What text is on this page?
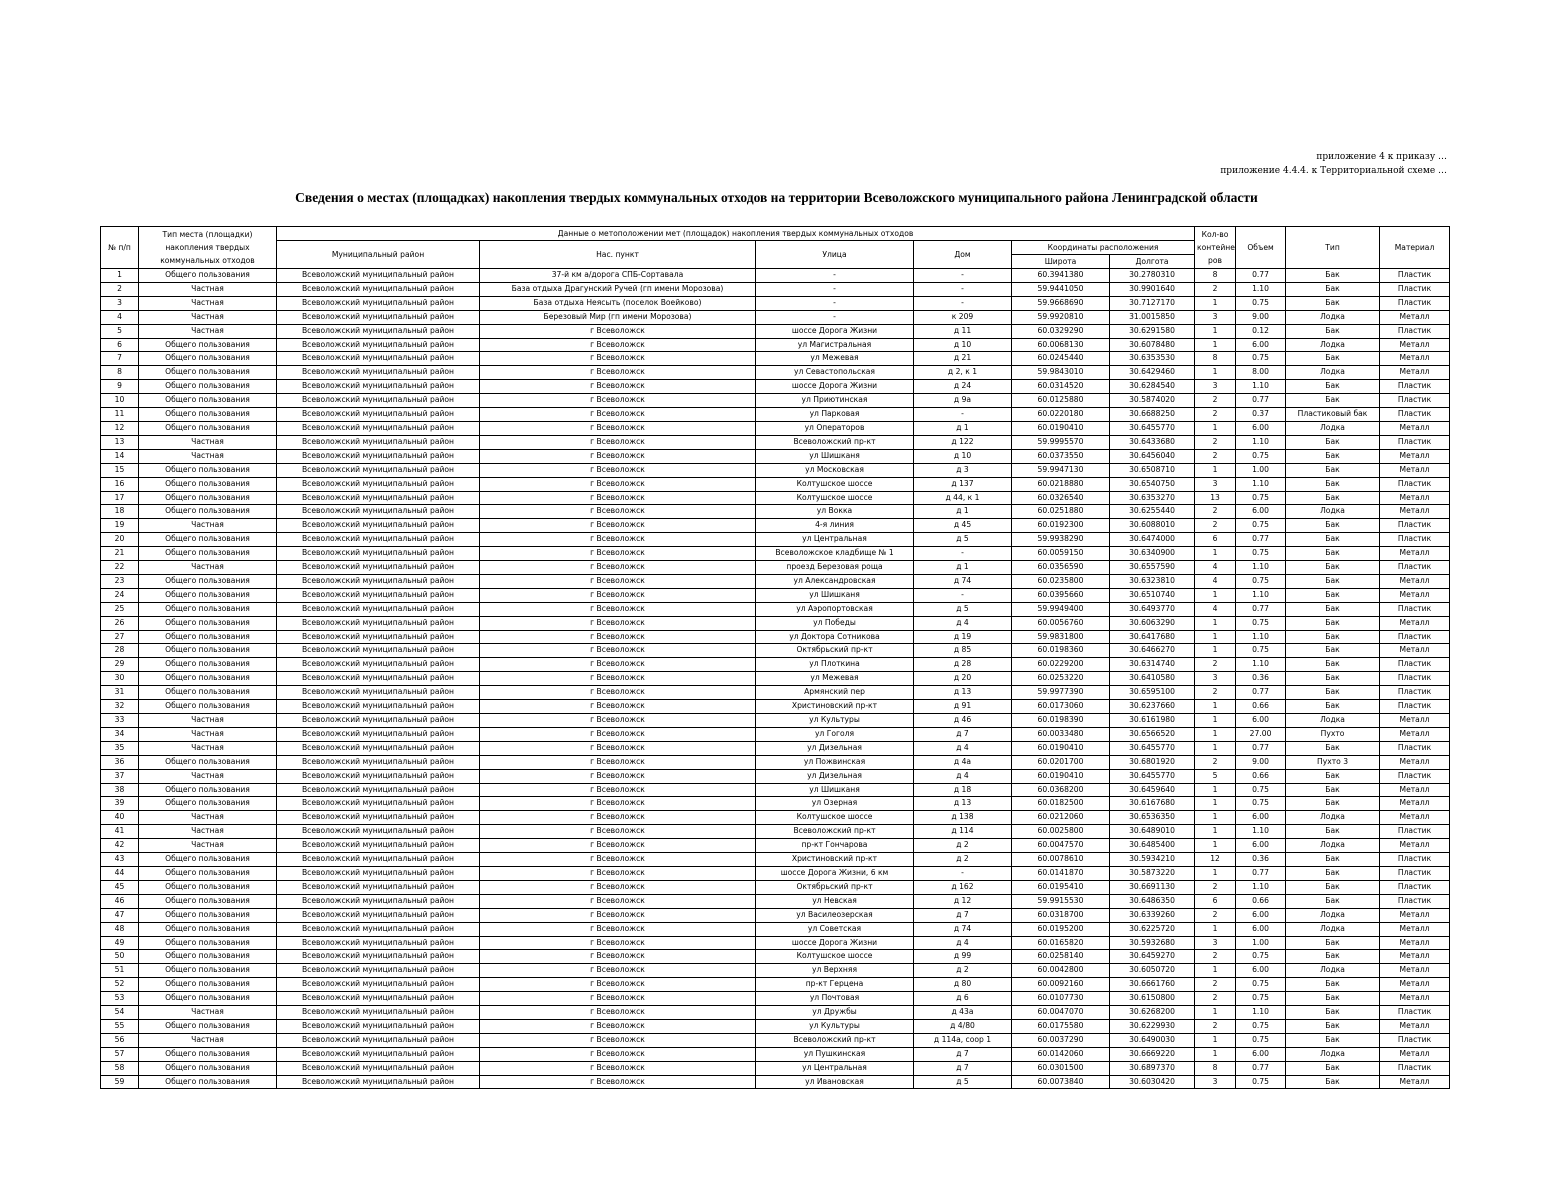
приложение 4 к приказу …
приложение 4.4.4. к Территориальной схеме …
Сведения о местах (площадках) накопления твердых коммунальных отходов на территории Всеволожского муниципального района Ленинградской области
№ п/п	Тип места (площадки) накопления твердых коммунальных отходов	Данные о метоположении мет (площадок) накопления твердых коммунальных отходов						Кол-во контейне ров	Объем	Тип	Материал
		Муниципальный район	Нас. пункт	Улица	Дом	Координаты расположения					
						Широта	Долгота				
1	Общего пользования	Всеволожский муниципальный район	37-й км а/дорога СПБ-Сортавала	-	-	60.3941380	30.2780310	8	0.77	Бак	Пластик
2	Частная	Всеволожский муниципальный район	База отдыха Драгунский Ручей (гп имени Морозова)	-	-	59.9441050	30.9901640	2	1.10	Бак	Пластик
3	Частная	Всеволожский муниципальный район	База отдыха Неясыть (поселок Воейково)	-	-	59.9668690	30.7127170	1	0.75	Бак	Пластик
4	Частная	Всеволожский муниципальный район	Березовый Мир (гп имени Морозова)	-	к 209	59.9920810	31.0015850	3	9.00	Лодка	Металл
5	Частная	Всеволожский муниципальный район	г Всеволожск	шоссе Дорога Жизни	д 11	60.0329290	30.6291580	1	0.12	Бак	Пластик
6	Общего пользования	Всеволожский муниципальный район	г Всеволожск	ул Магистральная	д 10	60.0068130	30.6078480	1	6.00	Лодка	Металл
7	Общего пользования	Всеволожский муниципальный район	г Всеволожск	ул Межевая	д 21	60.0245440	30.6353530	8	0.75	Бак	Металл
8	Общего пользования	Всеволожский муниципальный район	г Всеволожск	ул Севастопольская	д 2, к 1	59.9843010	30.6429460	1	8.00	Лодка	Металл
9	Общего пользования	Всеволожский муниципальный район	г Всеволожск	шоссе Дорога Жизни	д 24	60.0314520	30.6284540	3	1.10	Бак	Пластик
10	Общего пользования	Всеволожский муниципальный район	г Всеволожск	ул Приютинская	д 9а	60.0125880	30.5874020	2	0.77	Бак	Пластик
11	Общего пользования	Всеволожский муниципальный район	г Всеволожск	ул Парковая	-	60.0220180	30.6688250	2	0.37	Пластиковый бак	Пластик
12	Общего пользования	Всеволожский муниципальный район	г Всеволожск	ул Операторов	д 1	60.0190410	30.6455770	1	6.00	Лодка	Металл
13	Частная	Всеволожский муниципальный район	г Всеволожск	Всеволожский пр-кт	д 122	59.9995570	30.6433680	2	1.10	Бак	Пластик
14	Частная	Всеволожский муниципальный район	г Всеволожск	ул Шишканя	д 10	60.0373550	30.6456040	2	0.75	Бак	Металл
15	Общего пользования	Всеволожский муниципальный район	г Всеволожск	ул Московская	д 3	59.9947130	30.6508710	1	1.00	Бак	Металл
16	Общего пользования	Всеволожский муниципальный район	г Всеволожск	Колтушское шоссе	д 137	60.0218880	30.6540750	3	1.10	Бак	Пластик
17	Общего пользования	Всеволожский муниципальный район	г Всеволожск	Колтушское шоссе	д 44, к 1	60.0326540	30.6353270	13	0.75	Бак	Металл
18	Общего пользования	Всеволожский муниципальный район	г Всеволожск	ул Вокка	д 1	60.0251880	30.6255440	2	6.00	Лодка	Металл
19	Частная	Всеволожский муниципальный район	г Всеволожск	4-я линия	д 45	60.0192300	30.6088010	2	0.75	Бак	Пластик
20	Общего пользования	Всеволожский муниципальный район	г Всеволожск	ул Центральная	д 5	59.9938290	30.6474000	6	0.77	Бак	Пластик
21	Общего пользования	Всеволожский муниципальный район	г Всеволожск	Всеволожское кладбище № 1	-	60.0059150	30.6340900	1	0.75	Бак	Металл
22	Частная	Всеволожский муниципальный район	г Всеволожск	проезд Березовая роща	д 1	60.0356590	30.6557590	4	1.10	Бак	Пластик
23	Общего пользования	Всеволожский муниципальный район	г Всеволожск	ул Александровская	д 74	60.0235800	30.6323810	4	0.75	Бак	Металл
24	Общего пользования	Всеволожский муниципальный район	г Всеволожск	ул Шишканя	-	60.0395660	30.6510740	1	1.10	Бак	Металл
25	Общего пользования	Всеволожский муниципальный район	г Всеволожск	ул Аэропортовская	д 5	59.9949400	30.6493770	4	0.77	Бак	Пластик
26	Общего пользования	Всеволожский муниципальный район	г Всеволожск	ул Победы	д 4	60.0056760	30.6063290	1	0.75	Бак	Металл
27	Общего пользования	Всеволожский муниципальный район	г Всеволожск	ул Доктора Сотникова	д 19	59.9831800	30.6417680	1	1.10	Бак	Пластик
28	Общего пользования	Всеволожский муниципальный район	г Всеволожск	Октябрьский пр-кт	д 85	60.0198360	30.6466270	1	0.75	Бак	Металл
29	Общего пользования	Всеволожский муниципальный район	г Всеволожск	ул Плоткина	д 28	60.0229200	30.6314740	2	1.10	Бак	Пластик
30	Общего пользования	Всеволожский муниципальный район	г Всеволожск	ул Межевая	д 20	60.0253220	30.6410580	3	0.36	Бак	Пластик
31	Общего пользования	Всеволожский муниципальный район	г Всеволожск	Армянский пер	д 13	59.9977390	30.6595100	2	0.77	Бак	Пластик
32	Общего пользования	Всеволожский муниципальный район	г Всеволожск	Христиновский пр-кт	д 91	60.0173060	30.6237660	1	0.66	Бак	Пластик
33	Частная	Всеволожский муниципальный район	г Всеволожск	ул Культуры	д 46	60.0198390	30.6161980	1	6.00	Лодка	Металл
34	Частная	Всеволожский муниципальный район	г Всеволожск	ул Гоголя	д 7	60.0033480	30.6566520	1	27.00	Пухто	Металл
35	Частная	Всеволожский муниципальный район	г Всеволожск	ул Дизельная	д 4	60.0190410	30.6455770	1	0.77	Бак	Пластик
36	Общего пользования	Всеволожский муниципальный район	г Всеволожск	ул Пожвинская	д 4а	60.0201700	30.6801920	2	9.00	Пухто 3	Металл
37	Частная	Всеволожский муниципальный район	г Всеволожск	ул Дизельная	д 4	60.0190410	30.6455770	5	0.66	Бак	Пластик
38	Общего пользования	Всеволожский муниципальный район	г Всеволожск	ул Шишканя	д 18	60.0368200	30.6459640	1	0.75	Бак	Металл
39	Общего пользования	Всеволожский муниципальный район	г Всеволожск	ул Озерная	д 13	60.0182500	30.6167680	1	0.75	Бак	Металл
40	Частная	Всеволожский муниципальный район	г Всеволожск	Колтушское шоссе	д 138	60.0212060	30.6536350	1	6.00	Лодка	Металл
41	Частная	Всеволожский муниципальный район	г Всеволожск	Всеволожский пр-кт	д 114	60.0025800	30.6489010	1	1.10	Бак	Пластик
42	Частная	Всеволожский муниципальный район	г Всеволожск	пр-кт Гончарова	д 2	60.0047570	30.6485400	1	6.00	Лодка	Металл
43	Общего пользования	Всеволожский муниципальный район	г Всеволожск	Христиновский пр-кт	д 2	60.0078610	30.5934210	12	0.36	Бак	Пластик
44	Общего пользования	Всеволожский муниципальный район	г Всеволожск	шоссе Дорога Жизни, 6 км	-	60.0141870	30.5873220	1	0.77	Бак	Пластик
45	Общего пользования	Всеволожский муниципальный район	г Всеволожск	Октябрьский пр-кт	д 162	60.0195410	30.6691130	2	1.10	Бак	Пластик
46	Общего пользования	Всеволожский муниципальный район	г Всеволожск	ул Невская	д 12	59.9915530	30.6486350	6	0.66	Бак	Пластик
47	Общего пользования	Всеволожский муниципальный район	г Всеволожск	ул Василеозерская	д 7	60.0318700	30.6339260	2	6.00	Лодка	Металл
48	Общего пользования	Всеволожский муниципальный район	г Всеволожск	ул Советская	д 74	60.0195200	30.6225720	1	6.00	Лодка	Металл
49	Общего пользования	Всеволожский муниципальный район	г Всеволожск	шоссе Дорога Жизни	д 4	60.0165820	30.5932680	3	1.00	Бак	Металл
50	Общего пользования	Всеволожский муниципальный район	г Всеволожск	Колтушское шоссе	д 99	60.0258140	30.6459270	2	0.75	Бак	Металл
51	Общего пользования	Всеволожский муниципальный район	г Всеволожск	ул Верхняя	д 2	60.0042800	30.6050720	1	6.00	Лодка	Металл
52	Общего пользования	Всеволожский муниципальный район	г Всеволожск	пр-кт Герцена	д 80	60.0092160	30.6661760	2	0.75	Бак	Металл
53	Общего пользования	Всеволожский муниципальный район	г Всеволожск	ул Почтовая	д 6	60.0107730	30.6150800	2	0.75	Бак	Металл
54	Частная	Всеволожский муниципальный район	г Всеволожск	ул Дружбы	д 43а	60.0047070	30.6268200	1	1.10	Бак	Пластик
55	Общего пользования	Всеволожский муниципальный район	г Всеволожск	ул Культуры	д 4/80	60.0175580	30.6229930	2	0.75	Бак	Металл
56	Частная	Всеволожский муниципальный район	г Всеволожск	Всеволожский пр-кт	д 114а, соор 1	60.0037290	30.6490030	1	0.75	Бак	Пластик
57	Общего пользования	Всеволожский муниципальный район	г Всеволожск	ул Пушкинская	д 7	60.0142060	30.6669220	1	6.00	Лодка	Металл
58	Общего пользования	Всеволожский муниципальный район	г Всеволожск	ул Центральная	д 7	60.0301500	30.6897370	8	0.77	Бак	Пластик
59	Общего пользования	Всеволожский муниципальный район	г Всеволожск	ул Ивановская	д 5	60.0073840	30.6030420	3	0.75	Бак	Металл
